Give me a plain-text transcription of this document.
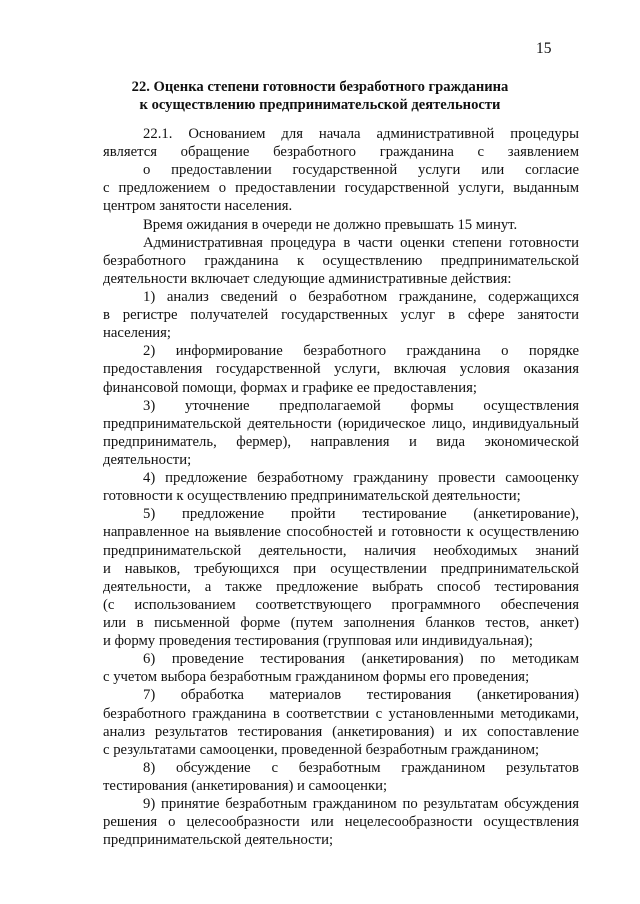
15
22. Оценка степени готовности безработного гражданина
к осуществлению предпринимательской деятельности
22.1. Основанием для начала административной процедуры
является обращение безработного гражданина с заявлением
о предоставлении государственной услуги или согласие
с предложением о предоставлении государственной услуги, выданным
центром занятости населения.
Время ожидания в очереди не должно превышать 15 минут.
Административная процедура в части оценки степени готовности
безработного гражданина к осуществлению предпринимательской
деятельности включает следующие административные действия:
1) анализ сведений о безработном гражданине, содержащихся
в регистре получателей государственных услуг в сфере занятости
населения;
2) информирование безработного гражданина о порядке
предоставления государственной услуги, включая условия оказания
финансовой помощи, формах и графике ее предоставления;
3) уточнение предполагаемой формы осуществления
предпринимательской деятельности (юридическое лицо, индивидуальный
предприниматель, фермер), направления и вида экономической
деятельности;
4) предложение безработному гражданину провести самооценку
готовности к осуществлению предпринимательской деятельности;
5) предложение пройти тестирование (анкетирование),
направленное на выявление способностей и готовности к осуществлению
предпринимательской деятельности, наличия необходимых знаний
и навыков, требующихся при осуществлении предпринимательской
деятельности, а также предложение выбрать способ тестирования
(с использованием соответствующего программного обеспечения
или в письменной форме (путем заполнения бланков тестов, анкет)
и форму проведения тестирования (групповая или индивидуальная);
6) проведение тестирования (анкетирования) по методикам
с учетом выбора безработным гражданином формы его проведения;
7) обработка материалов тестирования (анкетирования)
безработного гражданина в соответствии с установленными методиками,
анализ результатов тестирования (анкетирования) и их сопоставление
с результатами самооценки, проведенной безработным гражданином;
8) обсуждение с безработным гражданином результатов
тестирования (анкетирования) и самооценки;
9) принятие безработным гражданином по результатам обсуждения
решения о целесообразности или нецелесообразности осуществления
предпринимательской деятельности;
